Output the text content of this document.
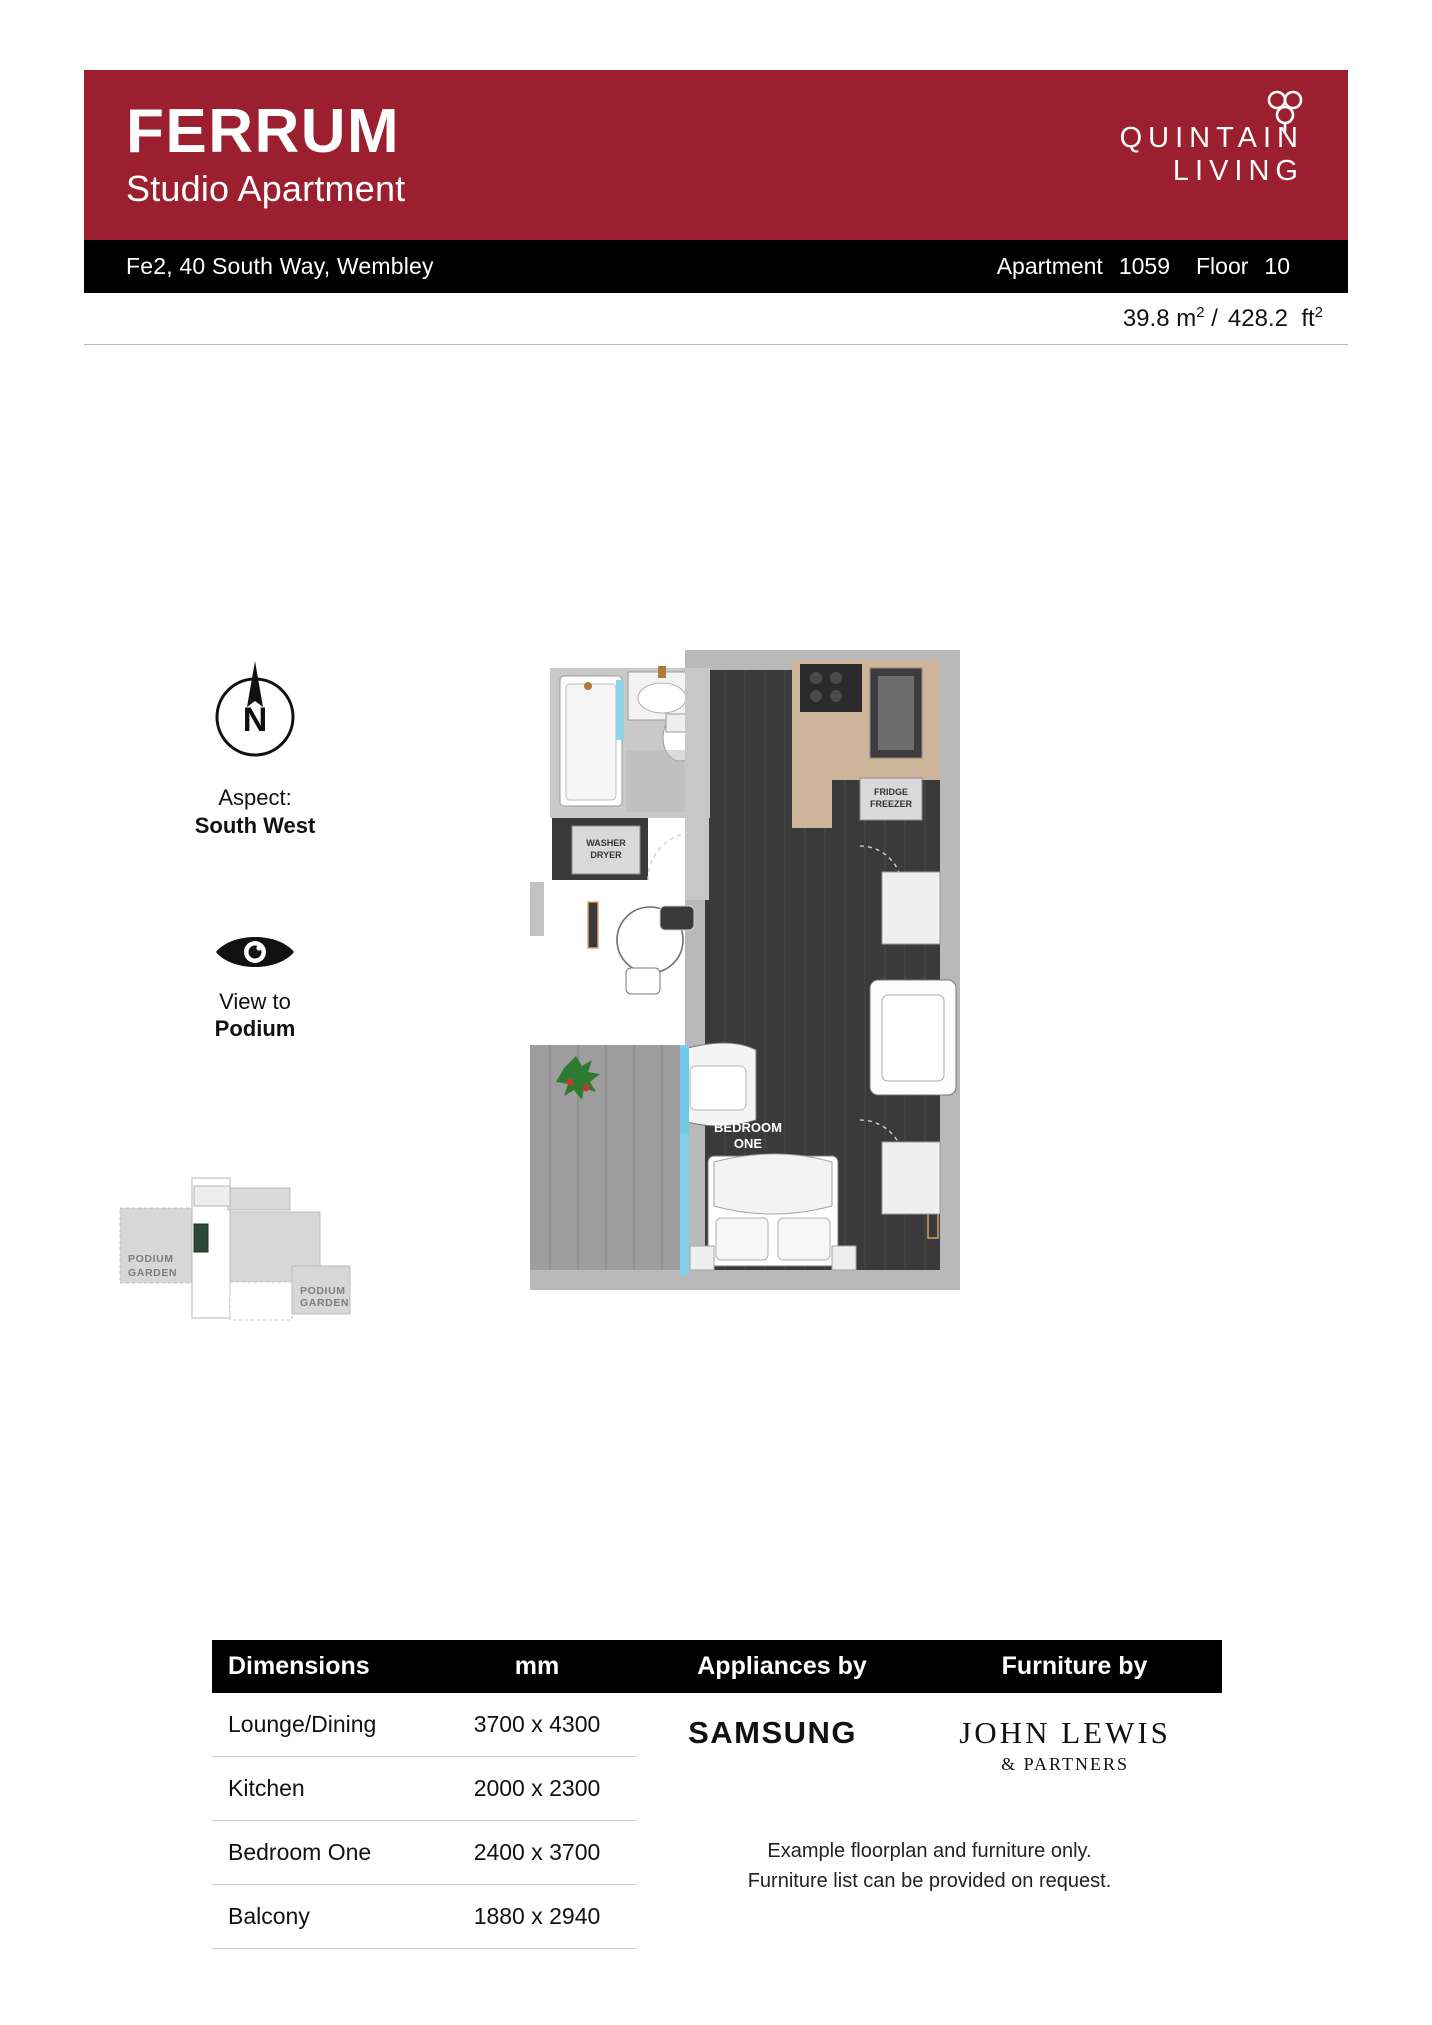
FERRUM
Studio Apartment
QUINTAIN
LIVING
Fe2, 40 South Way, Wembley	Apartment 1059 Floor 10
39.8 $m^2 / 428.2$ $ft^2$
N
Aspect:
South West
View to
Podium
PODIUM
GARDEN
PODIUM
GARDEN
FRIDGE
FREEZER
WASHER
DRYER
BEDROOM
ONE
Dimensions	mm	Appliances by	Furniture by
Lounge/Dining	3700 x 4300
Kitchen	2000 x 2300
Bedroom One	2400 x 3700
Balcony	1880 x 2940
SAMSUNG	JOHN LEWIS
& PARTNERS
Example floorplan and furniture only.
Furniture list can be provided on request.
